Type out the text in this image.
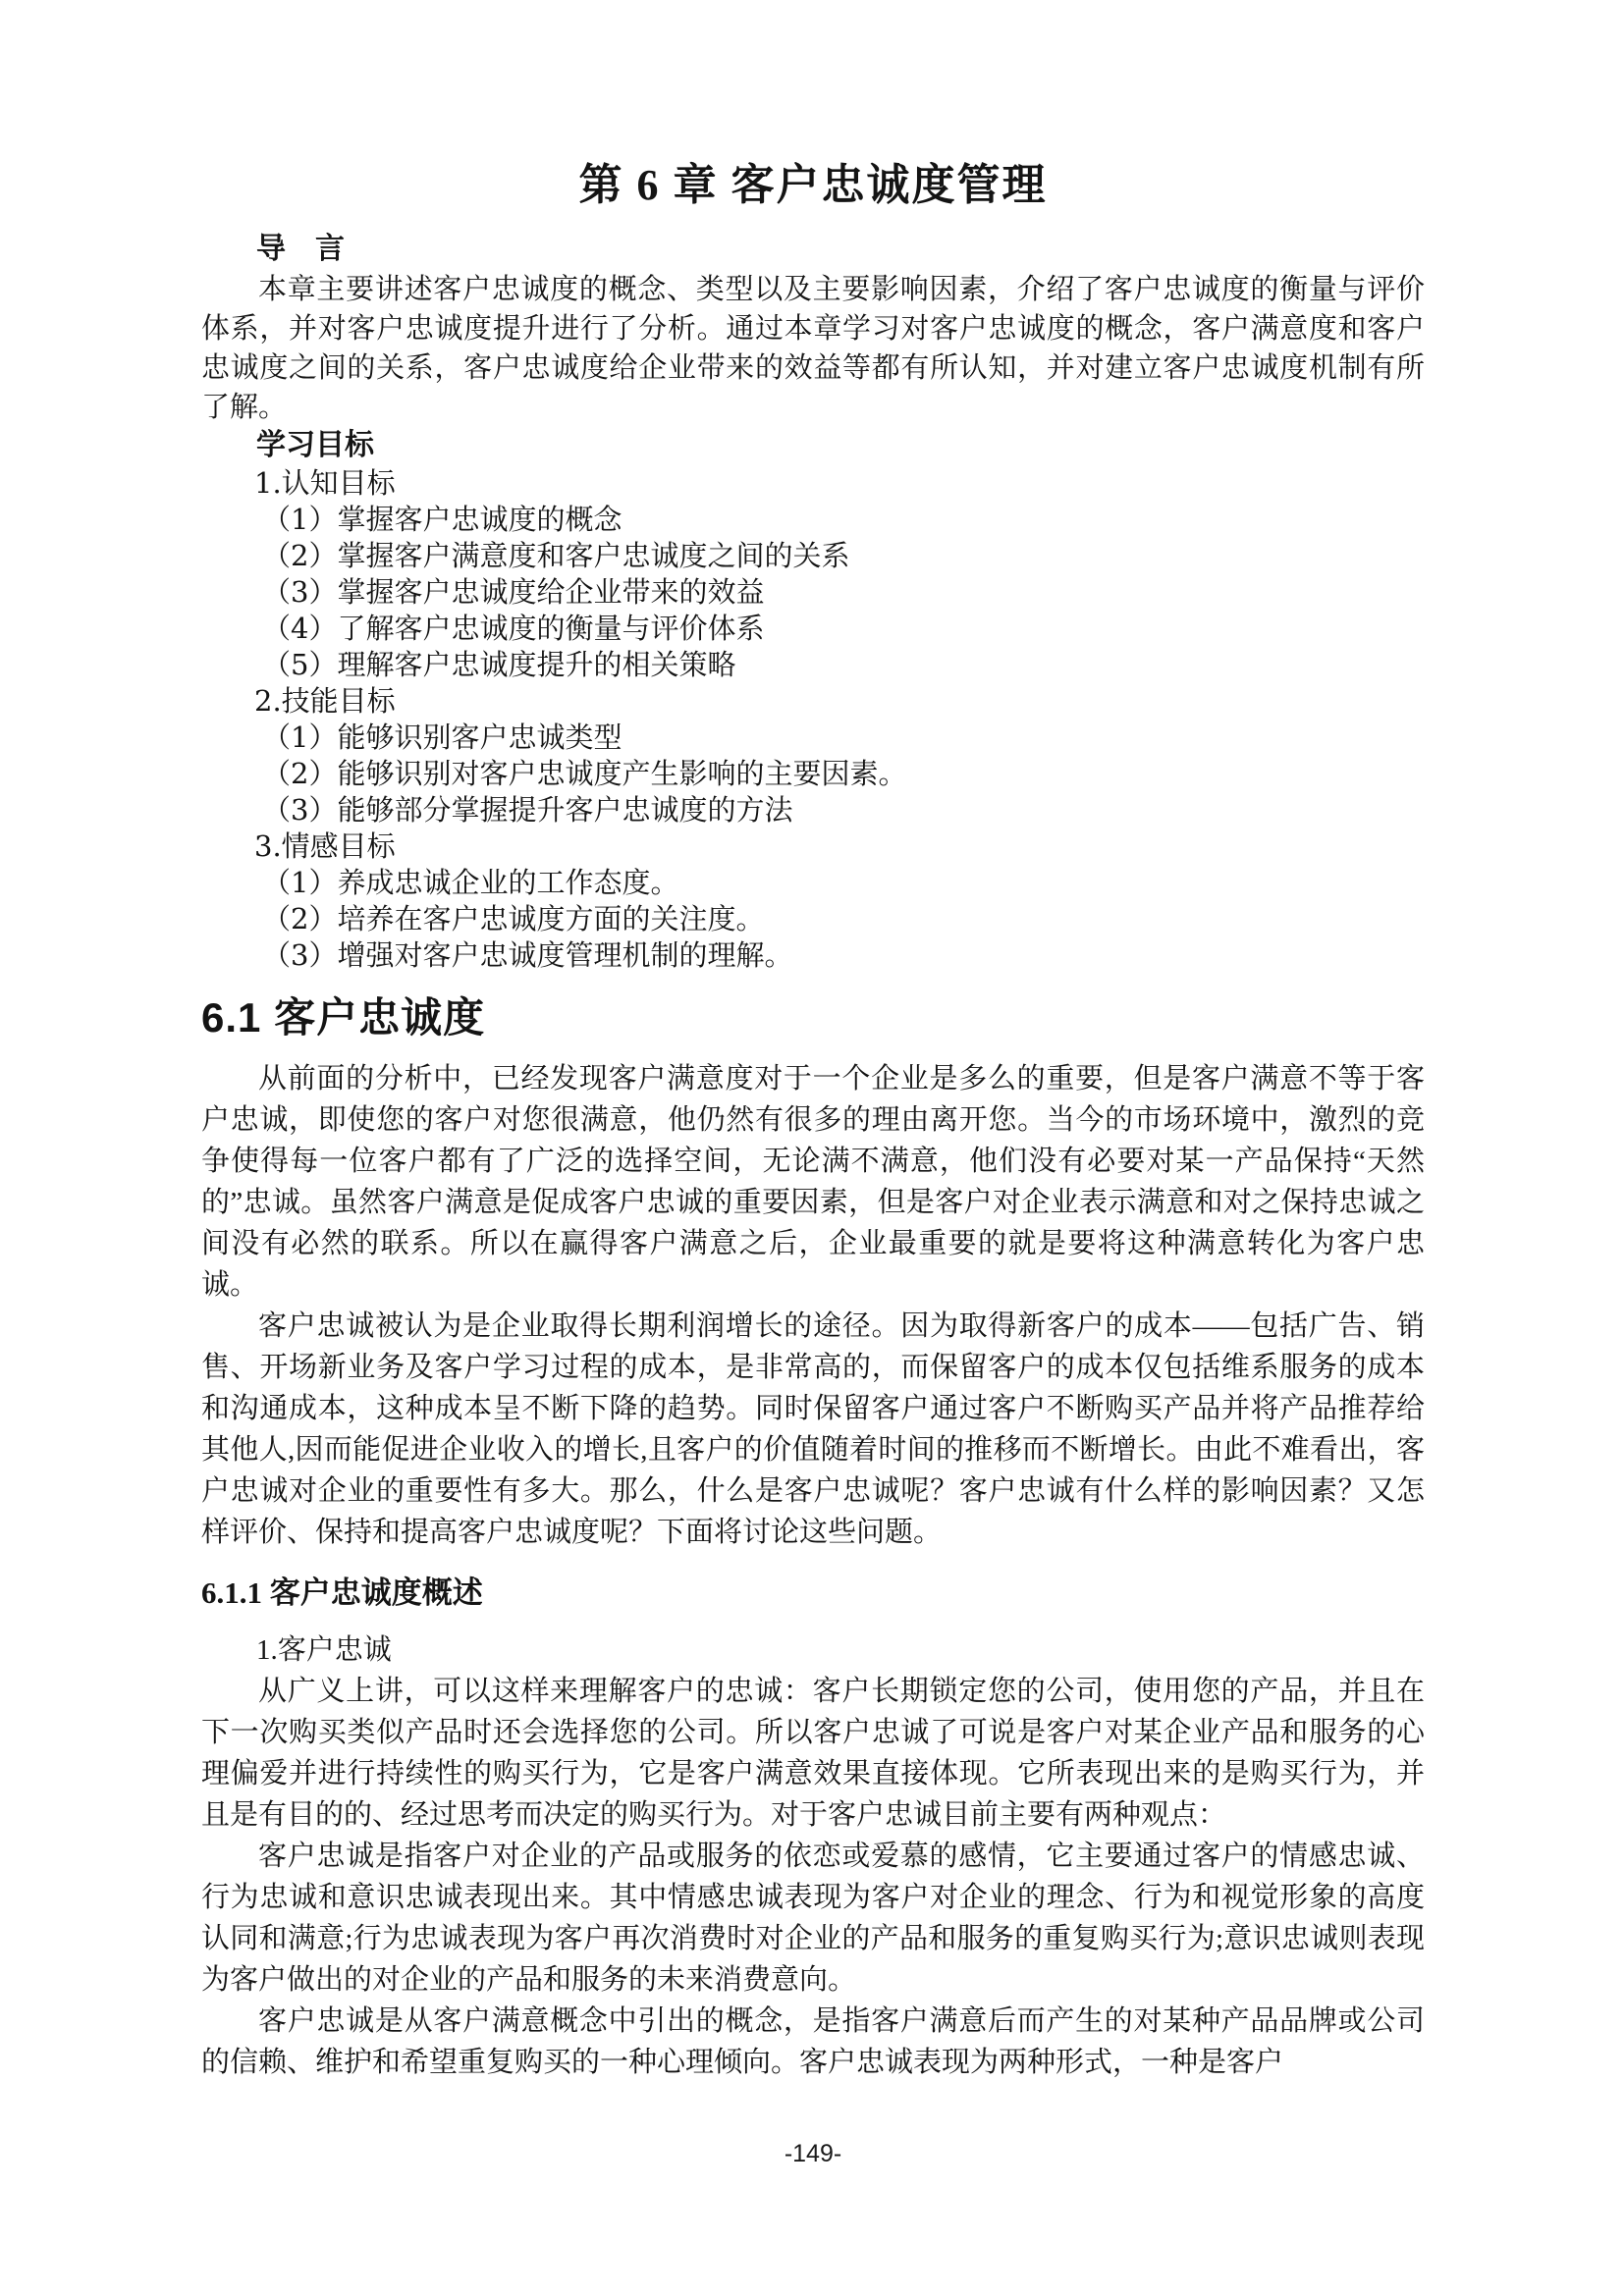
第 6 章 客户忠诚度管理
导　言

本章主要讲述客户忠诚度的概念、类型以及主要影响因素，介绍了客户忠诚度的衡量与评价体系，并对客户忠诚度提升进行了分析。通过本章学习对客户忠诚度的概念，客户满意度和客户忠诚度之间的关系，客户忠诚度给企业带来的效益等都有所认知，并对建立客户忠诚度机制有所了解。

学习目标
1.认知目标
（1）掌握客户忠诚度的概念
（2）掌握客户满意度和客户忠诚度之间的关系
（3）掌握客户忠诚度给企业带来的效益
（4）了解客户忠诚度的衡量与评价体系
（5）理解客户忠诚度提升的相关策略
2.技能目标
（1）能够识别客户忠诚类型
（2）能够识别对客户忠诚度产生影响的主要因素。
（3）能够部分掌握提升客户忠诚度的方法
3.情感目标
（1）养成忠诚企业的工作态度。
（2）培养在客户忠诚度方面的关注度。
（3）增强对客户忠诚度管理机制的理解。
6.1 客户忠诚度

从前面的分析中，已经发现客户满意度对于一个企业是多么的重要，但是客户满意不等于客户忠诚，即使您的客户对您很满意，他仍然有很多的理由离开您。当今的市场环境中，激烈的竞争使得每一位客户都有了广泛的选择空间，无论满不满意，他们没有必要对某一产品保持“天然的”忠诚。虽然客户满意是促成客户忠诚的重要因素，但是客户对企业表示满意和对之保持忠诚之间没有必然的联系。所以在赢得客户满意之后，企业最重要的就是要将这种满意转化为客户忠诚。

客户忠诚被认为是企业取得长期利润增长的途径。因为取得新客户的成本——包括广告、销售、开场新业务及客户学习过程的成本，是非常高的，而保留客户的成本仅包括维系服务的成本和沟通成本，这种成本呈不断下降的趋势。同时保留客户通过客户不断购买产品并将产品推荐给其他人,因而能促进企业收入的增长,且客户的价值随着时间的推移而不断增长。由此不难看出，客户忠诚对企业的重要性有多大。那么，什么是客户忠诚呢？客户忠诚有什么样的影响因素？又怎样评价、保持和提高客户忠诚度呢？下面将讨论这些问题。

6.1.1 客户忠诚度概述
1.客户忠诚

从广义上讲，可以这样来理解客户的忠诚：客户长期锁定您的公司，使用您的产品，并且在下一次购买类似产品时还会选择您的公司。所以客户忠诚了可说是客户对某企业产品和服务的心理偏爱并进行持续性的购买行为，它是客户满意效果直接体现。它所表现出来的是购买行为，并且是有目的的、经过思考而决定的购买行为。对于客户忠诚目前主要有两种观点：

客户忠诚是指客户对企业的产品或服务的依恋或爱慕的感情，它主要通过客户的情感忠诚、行为忠诚和意识忠诚表现出来。其中情感忠诚表现为客户对企业的理念、行为和视觉形象的高度认同和满意;行为忠诚表现为客户再次消费时对企业的产品和服务的重复购买行为;意识忠诚则表现为客户做出的对企业的产品和服务的未来消费意向。

客户忠诚是从客户满意概念中引出的概念，是指客户满意后而产生的对某种产品品牌或公司的信赖、维护和希望重复购买的一种心理倾向。客户忠诚表现为两种形式，一种是客户

-149-
